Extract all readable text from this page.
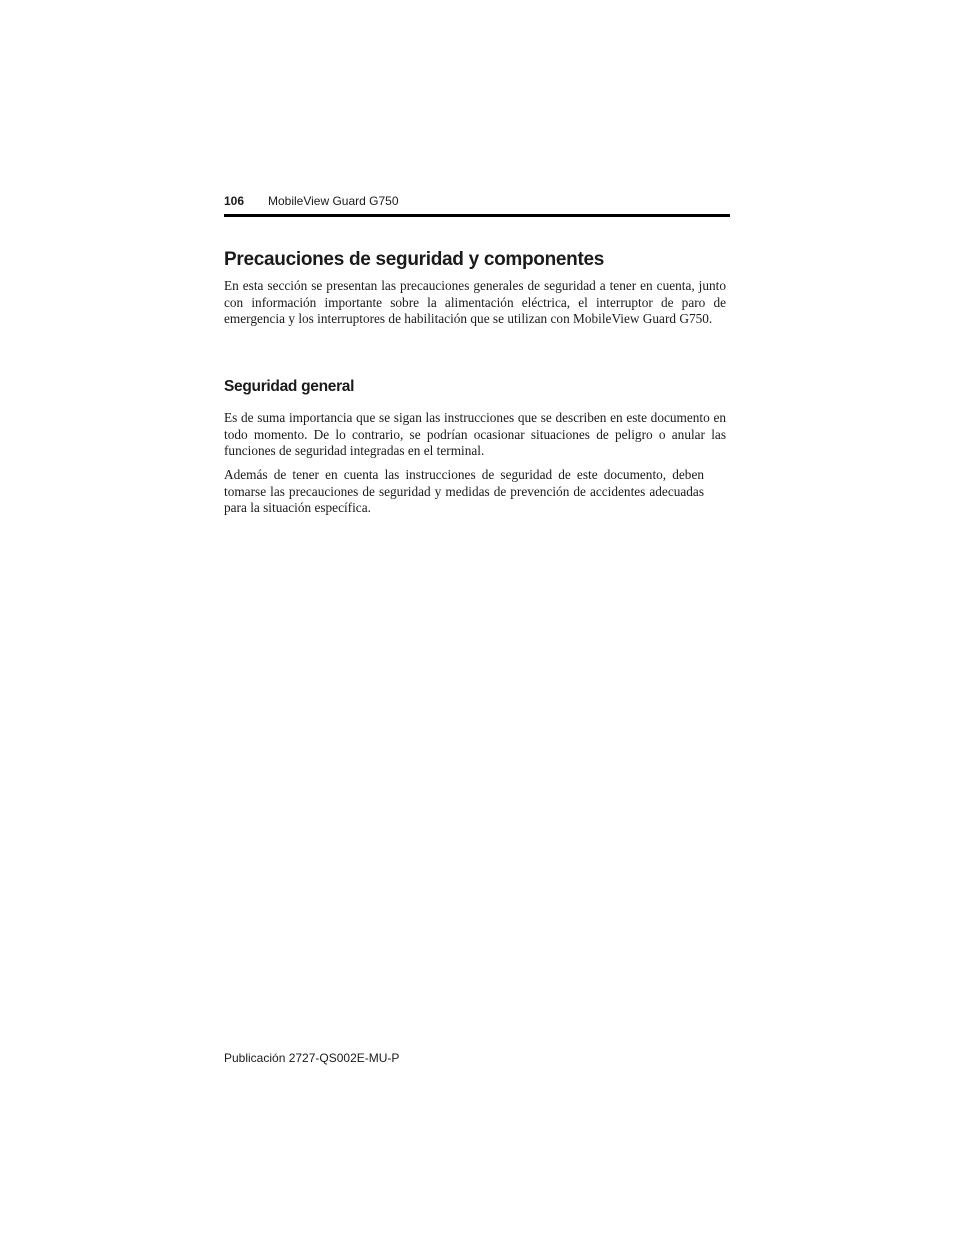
106 MobileView Guard G750
Precauciones de seguridad y componentes

En esta sección se presentan las precauciones generales de seguridad a tener en cuenta, junto con información importante sobre la alimentación eléctrica, el interruptor de paro de emergencia y los interruptores de habilitación que se utilizan con MobileView Guard G750.

Seguridad general

Es de suma importancia que se sigan las instrucciones que se describen en este documento en todo momento. De lo contrario, se podrían ocasionar situaciones de peligro o anular las funciones de seguridad integradas en el terminal.

Además de tener en cuenta las instrucciones de seguridad de este documento, deben tomarse las precauciones de seguridad y medidas de prevención de accidentes adecuadas para la situación específica.

Publicación 2727-QS002E-MU-P
